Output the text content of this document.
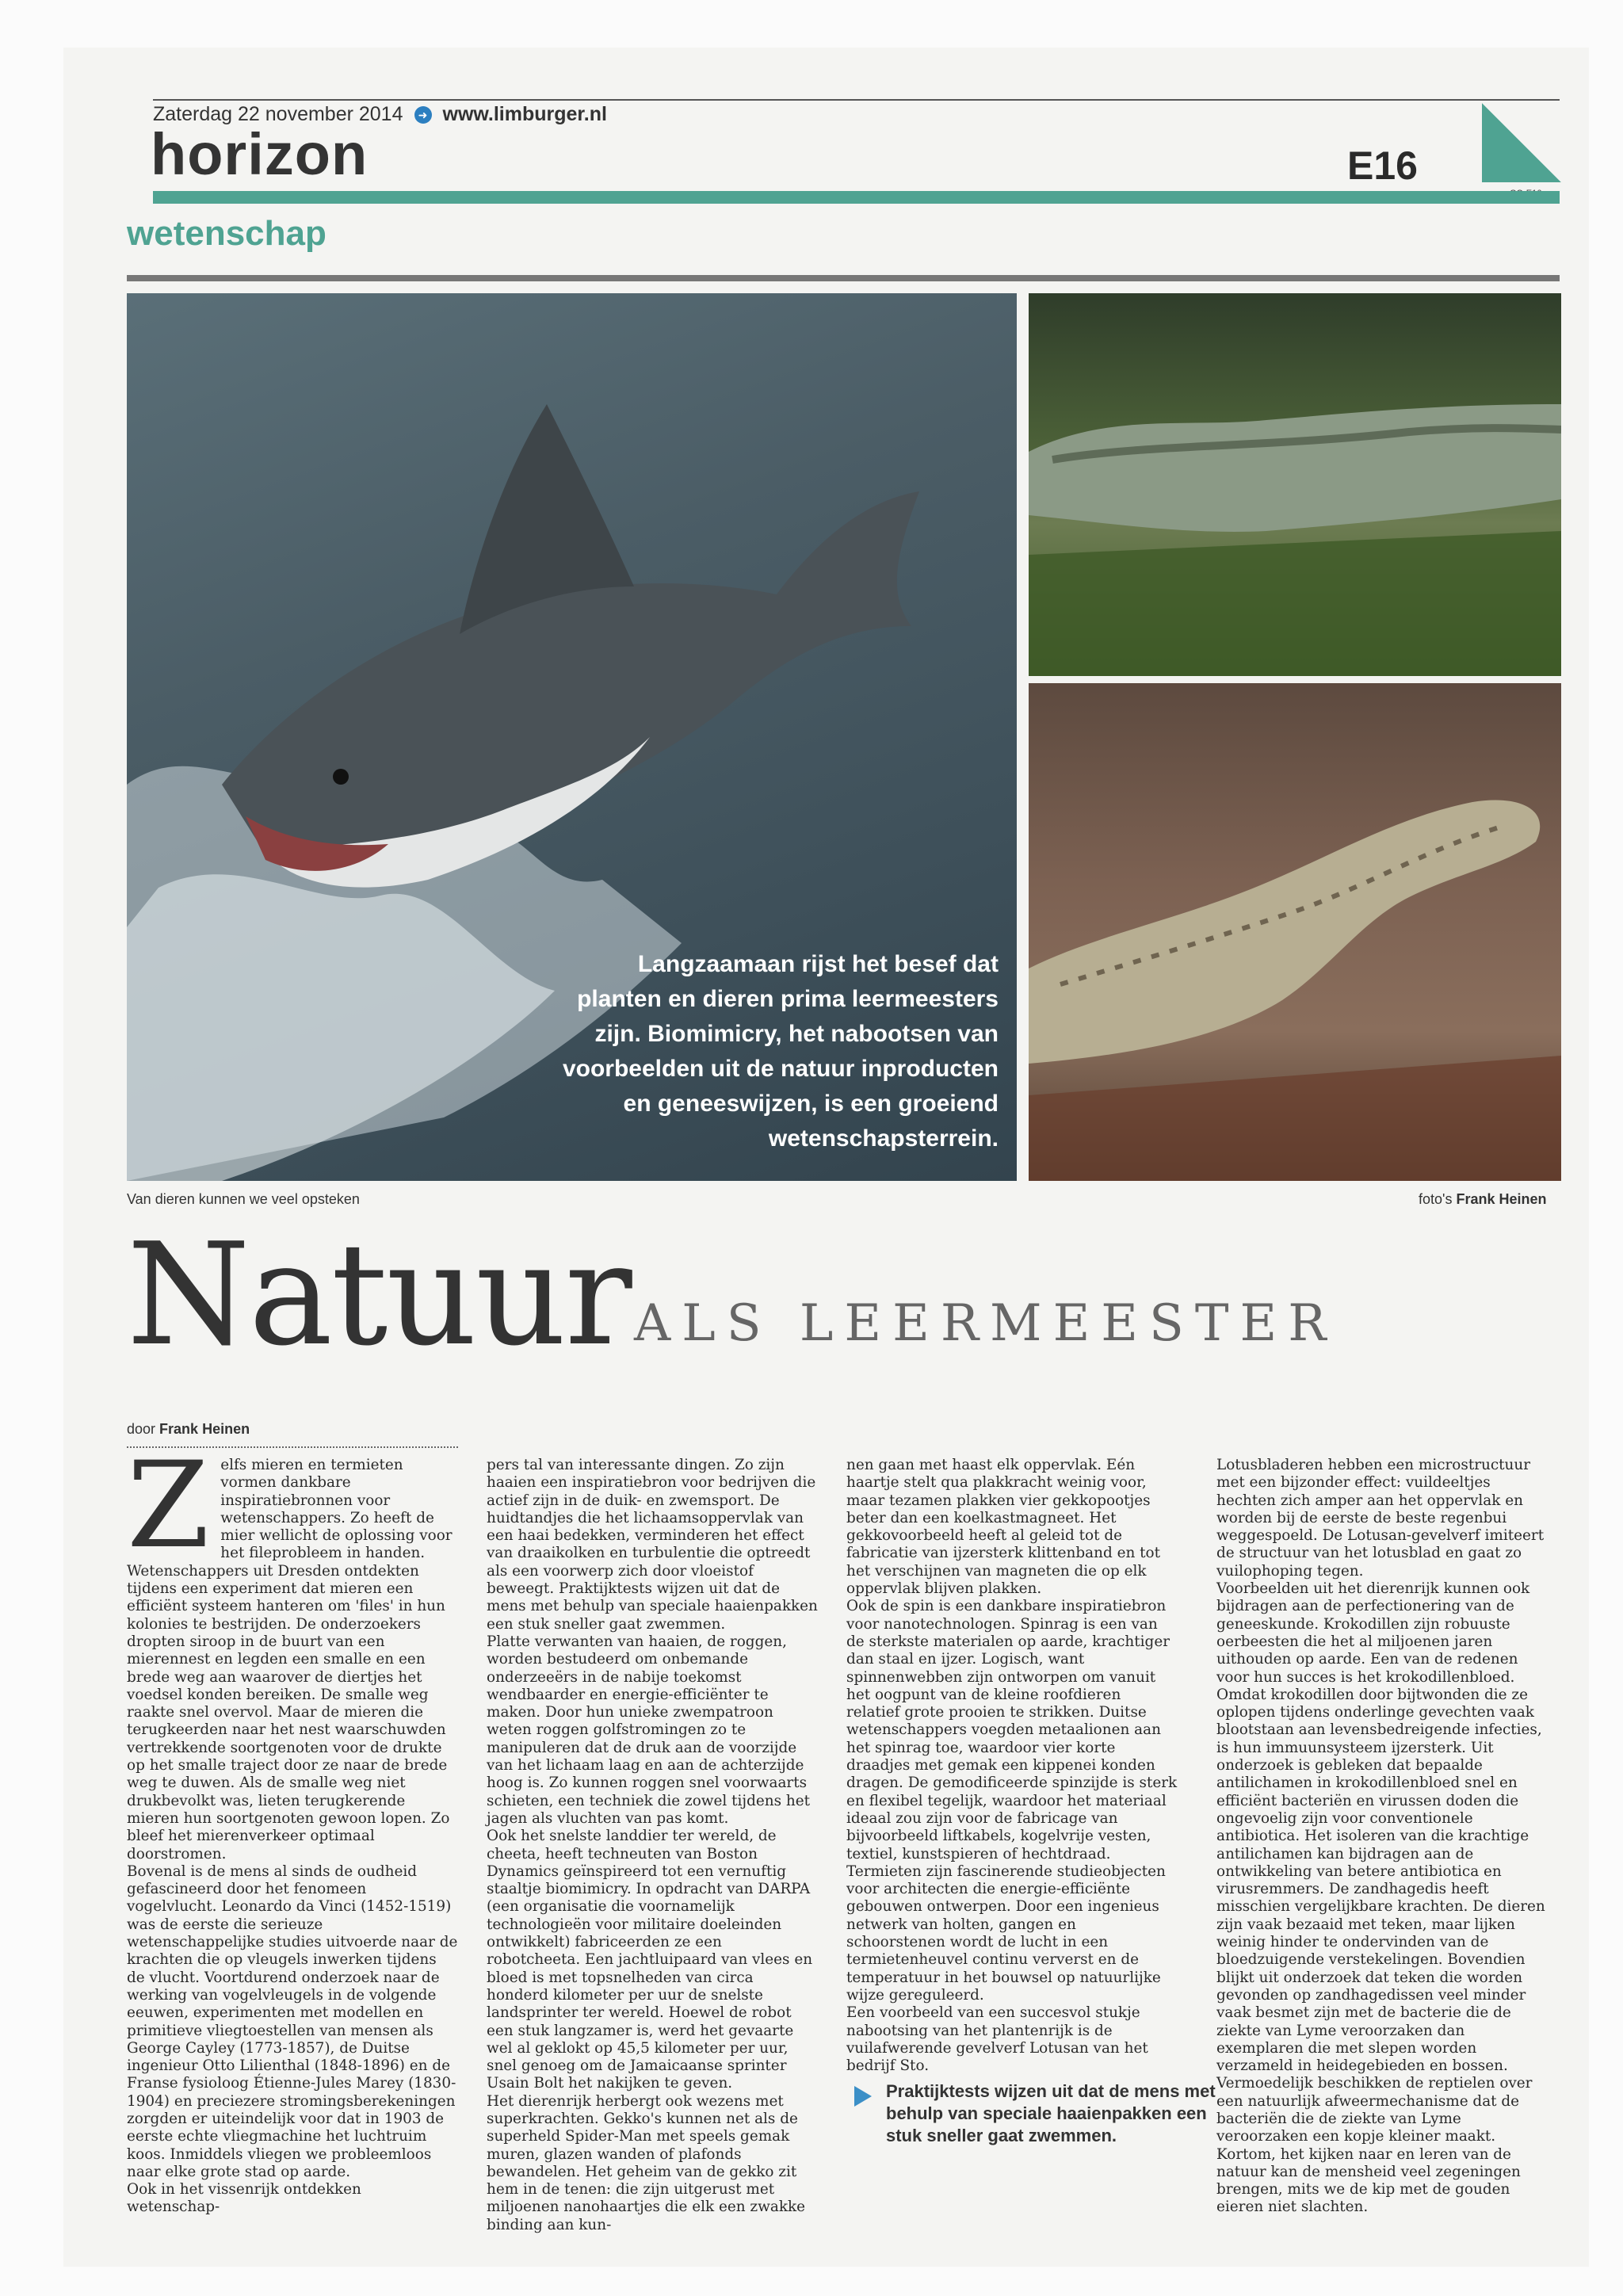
Zaterdag 22 november 2014	➜ www.limburger.nl
horizon	E16
wetenschap
Langzaamaan rijst het besef dat planten en dieren prima leermeesters zijn. Biomimicry, het nabootsen van voorbeelden uit de natuur inproducten en geneeswijzen, is een groeiend wetenschapsterrein.
Van dieren kunnen we veel opsteken	foto's Frank Heinen
Natuur ALS LEERMEESTER
door Frank Heinen
Zelfs mieren en termieten vormen dankbare inspiratiebronnen voor wetenschappers. Zo heeft de mier wellicht de oplossing voor het fileprobleem in handen. Wetenschappers uit Dresden ontdekten tijdens een experiment dat mieren een efficiënt systeem hanteren om 'files' in hun kolonies te bestrijden. De onderzoekers dropten siroop in de buurt van een mierennest en legden een smalle en een brede weg aan waarover de diertjes het voedsel konden bereiken. De smalle weg raakte snel overvol. Maar de mieren die terugkeerden naar het nest waarschuwden vertrekkende soortgenoten voor de drukte op het smalle traject door ze naar de brede weg te duwen. Als de smalle weg niet drukbevolkt was, lieten terugkerende mieren hun soortgenoten gewoon lopen. Zo bleef het mierenverkeer optimaal doorstromen.
Bovenal is de mens al sinds de oudheid gefascineerd door het fenomeen vogelvlucht. Leonardo da Vinci (1452-1519) was de eerste die serieuze wetenschappelijke studies uitvoerde naar de krachten die op vleugels inwerken tijdens de vlucht. Voortdurend onderzoek naar de werking van vogelvleugels in de volgende eeuwen, experimenten met modellen en primitieve vliegtoestellen van mensen als George Cayley (1773-1857), de Duitse ingenieur Otto Lilienthal (1848-1896) en de Franse fysioloog Étienne-Jules Marey (1830-1904) en preciezere stromingsberekeningen zorgden er uiteindelijk voor dat in 1903 de eerste echte vliegmachine het luchtruim koos. Inmiddels vliegen we probleemloos naar elke grote stad op aarde.
Ook in het vissenrijk ontdekken wetenschap-
pers tal van interessante dingen. Zo zijn haaien een inspiratiebron voor bedrijven die actief zijn in de duik- en zwemsport. De huidtandjes die het lichaamsoppervlak van een haai bedekken, verminderen het effect van draaikolken en turbulentie die optreedt als een voorwerp zich door vloeistof beweegt. Praktijktests wijzen uit dat de mens met behulp van speciale haaienpakken een stuk sneller gaat zwemmen.
Platte verwanten van haaien, de roggen, worden bestudeerd om onbemande onderzeeërs in de nabije toekomst wendbaarder en energie-efficiënter te maken. Door hun unieke zwempatroon weten roggen golfstromingen zo te manipuleren dat de druk aan de voorzijde van het lichaam laag en aan de achterzijde hoog is. Zo kunnen roggen snel voorwaarts schieten, een techniek die zowel tijdens het jagen als vluchten van pas komt.
Ook het snelste landdier ter wereld, de cheeta, heeft techneuten van Boston Dynamics geïnspireerd tot een vernuftig staaltje biomimicry. In opdracht van DARPA (een organisatie die voornamelijk technologieën voor militaire doeleinden ontwikkelt) fabriceerden ze een robotcheeta. Een jachtluipaard van vlees en bloed is met topsnelheden van circa honderd kilometer per uur de snelste landsprinter ter wereld. Hoewel de robot een stuk langzamer is, werd het gevaarte wel al geklokt op 45,5 kilometer per uur, snel genoeg om de Jamaicaanse sprinter Usain Bolt het nakijken te geven.
Het dierenrijk herbergt ook wezens met superkrachten. Gekko's kunnen net als de superheld Spider-Man met speels gemak muren, glazen wanden of plafonds bewandelen. Het geheim van de gekko zit hem in de tenen: die zijn uitgerust met miljoenen nanohaartjes die elk een zwakke binding aan kun-
nen gaan met haast elk oppervlak. Eén haartje stelt qua plakkracht weinig voor, maar tezamen plakken vier gekkopootjes beter dan een koelkastmagneet. Het gekkovoorbeeld heeft al geleid tot de fabricatie van ijzersterk klittenband en tot het verschijnen van magneten die op elk oppervlak blijven plakken.
Ook de spin is een dankbare inspiratiebron voor nanotechnologen. Spinrag is een van de sterkste materialen op aarde, krachtiger dan staal en ijzer. Logisch, want spinnenwebben zijn ontworpen om vanuit het oogpunt van de kleine roofdieren relatief grote prooien te strikken. Duitse wetenschappers voegden metaalionen aan het spinrag toe, waardoor vier korte draadjes met gemak een kippenei konden dragen. De gemodificeerde spinzijde is sterk en flexibel tegelijk, waardoor het materiaal ideaal zou zijn voor de fabricage van bijvoorbeeld liftkabels, kogelvrije vesten, textiel, kunstspieren of hechtdraad.
Termieten zijn fascinerende studieobjecten voor architecten die energie-efficiënte gebouwen ontwerpen. Door een ingenieus netwerk van holten, gangen en schoorstenen wordt de lucht in een termietenheuvel continu ververst en de temperatuur in het bouwsel op natuurlijke wijze gereguleerd.
Een voorbeeld van een succesvol stukje nabootsing van het plantenrijk is de vuilafwerende gevelverf Lotusan van het bedrijf Sto.
Lotusbladeren hebben een microstructuur met een bijzonder effect: vuildeeltjes hechten zich amper aan het oppervlak en worden bij de eerste de beste regenbui weggespoeld. De Lotusan-gevelverf imiteert de structuur van het lotusblad en gaat zo vuilophoping tegen.
Voorbeelden uit het dierenrijk kunnen ook bijdragen aan de perfectionering van de geneeskunde. Krokodillen zijn robuuste oerbeesten die het al miljoenen jaren uithouden op aarde. Een van de redenen voor hun succes is het krokodillenbloed. Omdat krokodillen door bijtwonden die ze oplopen tijdens onderlinge gevechten vaak blootstaan aan levensbedreigende infecties, is hun immuunsysteem ijzersterk. Uit onderzoek is gebleken dat bepaalde antilichamen in krokodillenbloed snel en efficiënt bacteriën en virussen doden die ongevoelig zijn voor conventionele antibiotica. Het isoleren van die krachtige antilichamen kan bijdragen aan de ontwikkeling van betere antibiotica en virusremmers. De zandhagedis heeft misschien vergelijkbare krachten. De dieren zijn vaak bezaaid met teken, maar lijken weinig hinder te ondervinden van de bloedzuigende verstekelingen. Bovendien blijkt uit onderzoek dat teken die worden gevonden op zandhagedissen veel minder vaak besmet zijn met de bacterie die de ziekte van Lyme veroorzaken dan exemplaren die met slepen worden verzameld in heidegebieden en bossen. Vermoedelijk beschikken de reptielen over een natuurlijk afweermechanisme dat de bacteriën die de ziekte van Lyme veroorzaken een kopje kleiner maakt.
Kortom, het kijken naar en leren van de natuur kan de mensheid veel zegeningen brengen, mits we de kip met de gouden eieren niet slachten.
Praktijktests wijzen uit dat de mens met behulp van speciale haaienpakken een stuk sneller gaat zwemmen.
